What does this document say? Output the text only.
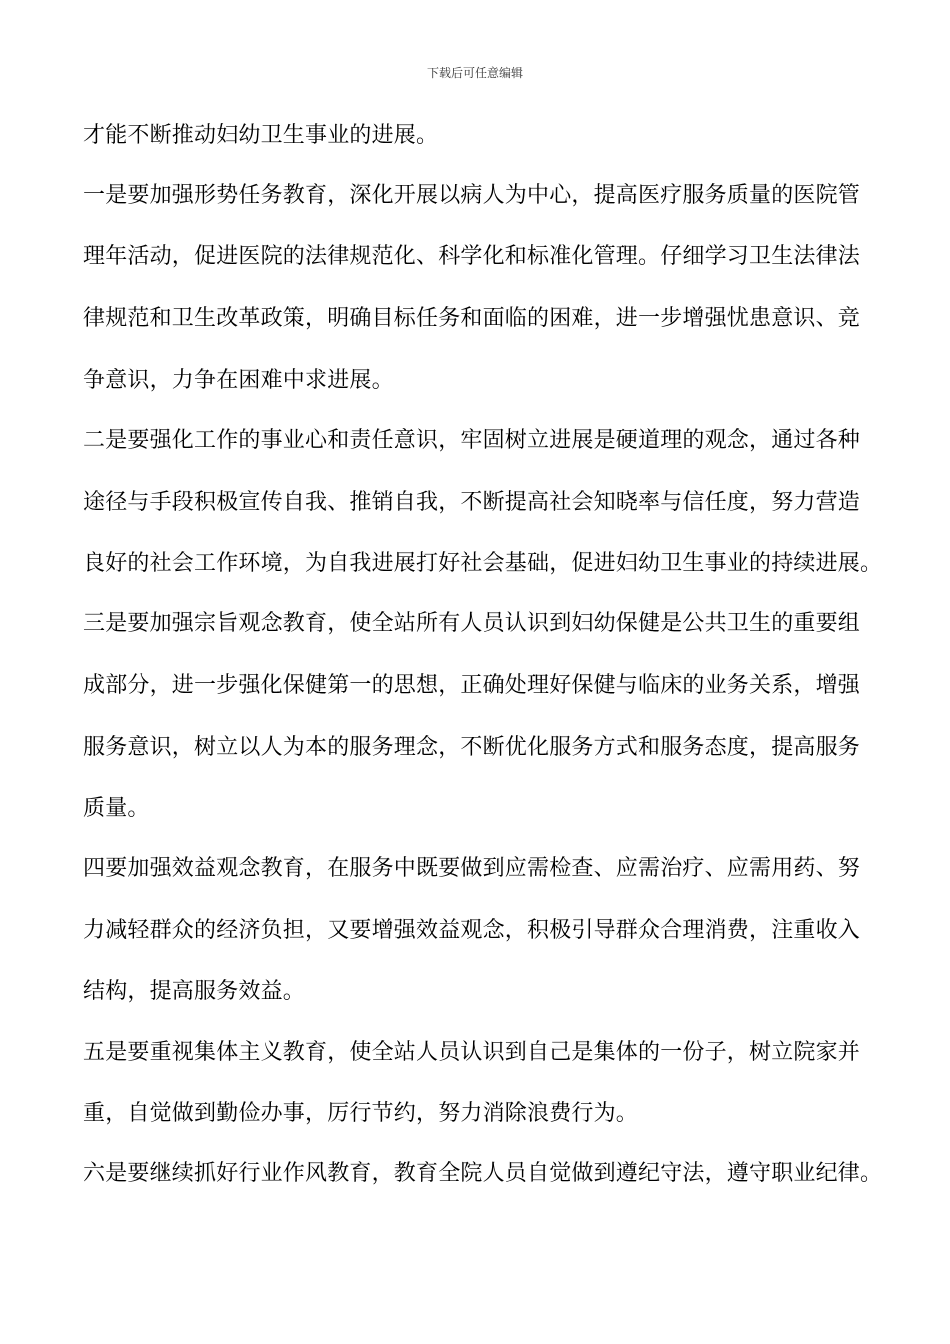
下载后可任意编辑
才能不断推动妇幼卫生事业的进展。
一是要加强形势任务教育，深化开展以病人为中心，提高医疗服务质量的医院管
理年活动，促进医院的法律规范化、科学化和标准化管理。仔细学习卫生法律法
律规范和卫生改革政策，明确目标任务和面临的困难，进一步增强忧患意识、竞
争意识，力争在困难中求进展。
二是要强化工作的事业心和责任意识，牢固树立进展是硬道理的观念，通过各种
途径与手段积极宣传自我、推销自我，不断提高社会知晓率与信任度，努力营造
良好的社会工作环境，为自我进展打好社会基础，促进妇幼卫生事业的持续进展。
三是要加强宗旨观念教育，使全站所有人员认识到妇幼保健是公共卫生的重要组
成部分，进一步强化保健第一的思想，正确处理好保健与临床的业务关系，增强
服务意识，树立以人为本的服务理念，不断优化服务方式和服务态度，提高服务
质量。
四要加强效益观念教育，在服务中既要做到应需检查、应需治疗、应需用药、努
力减轻群众的经济负担，又要增强效益观念，积极引导群众合理消费，注重收入
结构，提高服务效益。
五是要重视集体主义教育，使全站人员认识到自己是集体的一份子，树立院家并
重，自觉做到勤俭办事，厉行节约，努力消除浪费行为。
六是要继续抓好行业作风教育，教育全院人员自觉做到遵纪守法，遵守职业纪律。
